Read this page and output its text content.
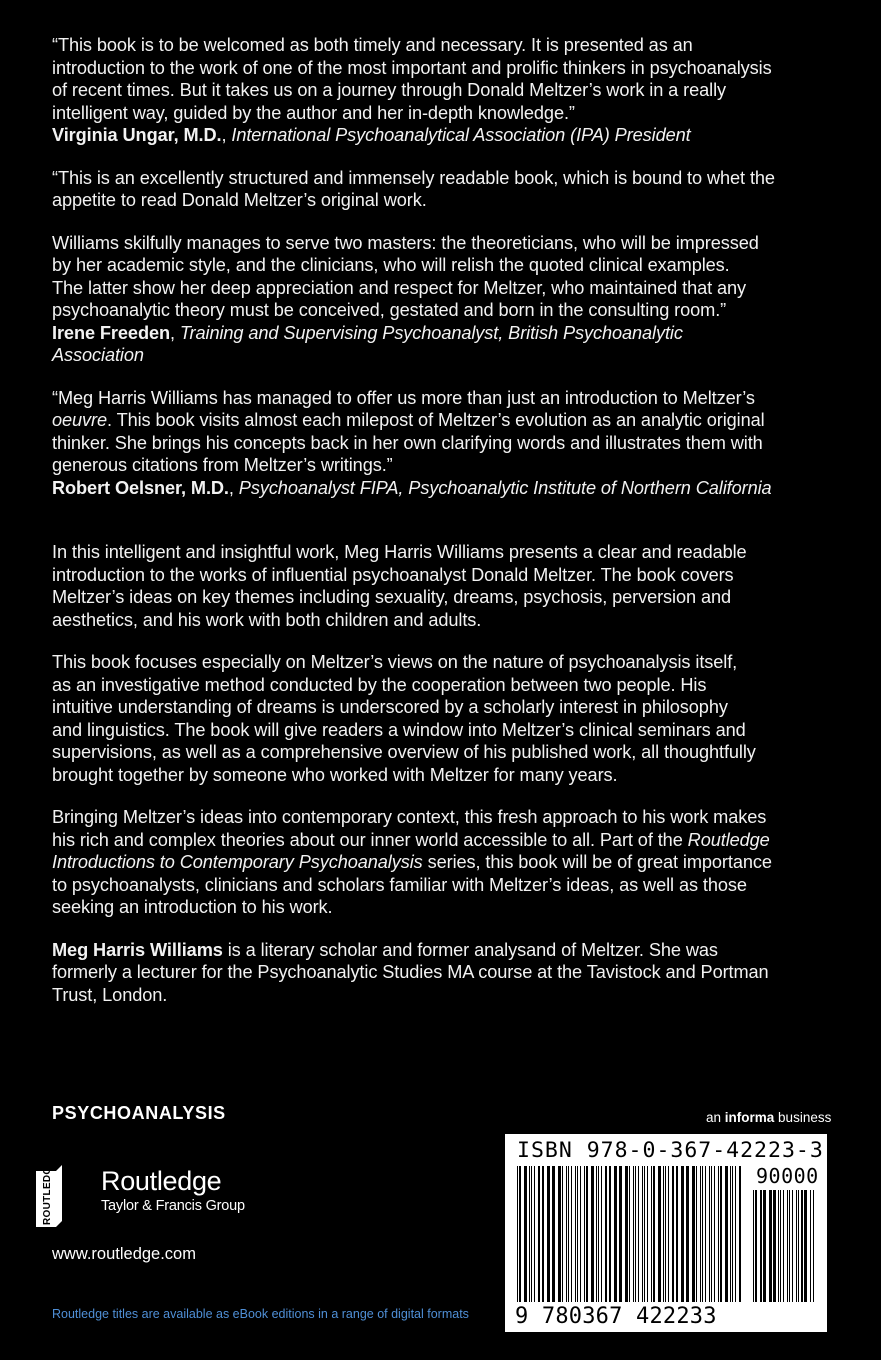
“This book is to be welcomed as both timely and necessary. It is presented as an

introduction to the work of one of the most important and prolific thinkers in psychoanalysis

of recent times. But it takes us on a journey through Donald Meltzer’s work in a really

intelligent way, guided by the author and her in-depth knowledge.”

Virginia Ungar, M.D., International Psychoanalytical Association (IPA) President

“This is an excellently structured and immensely readable book, which is bound to whet the

appetite to read Donald Meltzer’s original work.

Williams skilfully manages to serve two masters: the theoreticians, who will be impressed

by her academic style, and the clinicians, who will relish the quoted clinical examples.

The latter show her deep appreciation and respect for Meltzer, who maintained that any

psychoanalytic theory must be conceived, gestated and born in the consulting room.”

Irene Freeden, Training and Supervising Psychoanalyst, British Psychoanalytic

Association

“Meg Harris Williams has managed to offer us more than just an introduction to Meltzer’s

oeuvre. This book visits almost each milepost of Meltzer’s evolution as an analytic original

thinker. She brings his concepts back in her own clarifying words and illustrates them with

generous citations from Meltzer’s writings.”

Robert Oelsner, M.D., Psychoanalyst FIPA, Psychoanalytic Institute of Northern California

In this intelligent and insightful work, Meg Harris Williams presents a clear and readable

introduction to the works of influential psychoanalyst Donald Meltzer. The book covers

Meltzer’s ideas on key themes including sexuality, dreams, psychosis, perversion and

aesthetics, and his work with both children and adults.

This book focuses especially on Meltzer’s views on the nature of psychoanalysis itself,

as an investigative method conducted by the cooperation between two people. His

intuitive understanding of dreams is underscored by a scholarly interest in philosophy

and linguistics. The book will give readers a window into Meltzer’s clinical seminars and

supervisions, as well as a comprehensive overview of his published work, all thoughtfully

brought together by someone who worked with Meltzer for many years.

Bringing Meltzer’s ideas into contemporary context, this fresh approach to his work makes

his rich and complex theories about our inner world accessible to all. Part of the Routledge

Introductions to Contemporary Psychoanalysis series, this book will be of great importance

to psychoanalysts, clinicians and scholars familiar with Meltzer’s ideas, as well as those

seeking an introduction to his work.

Meg Harris Williams is a literary scholar and former analysand of Meltzer. She was

formerly a lecturer for the Psychoanalytic Studies MA course at the Tavistock and Portman

Trust, London.

PSYCHOANALYSIS	an informa business
ROUTLEDGE Routledge
Taylor & Francis Group
www.routledge.com
Routledge titles are available as eBook editions in a range of digital formats
ISBN 978-0-367-42223-3
90000
9 780367 422233
